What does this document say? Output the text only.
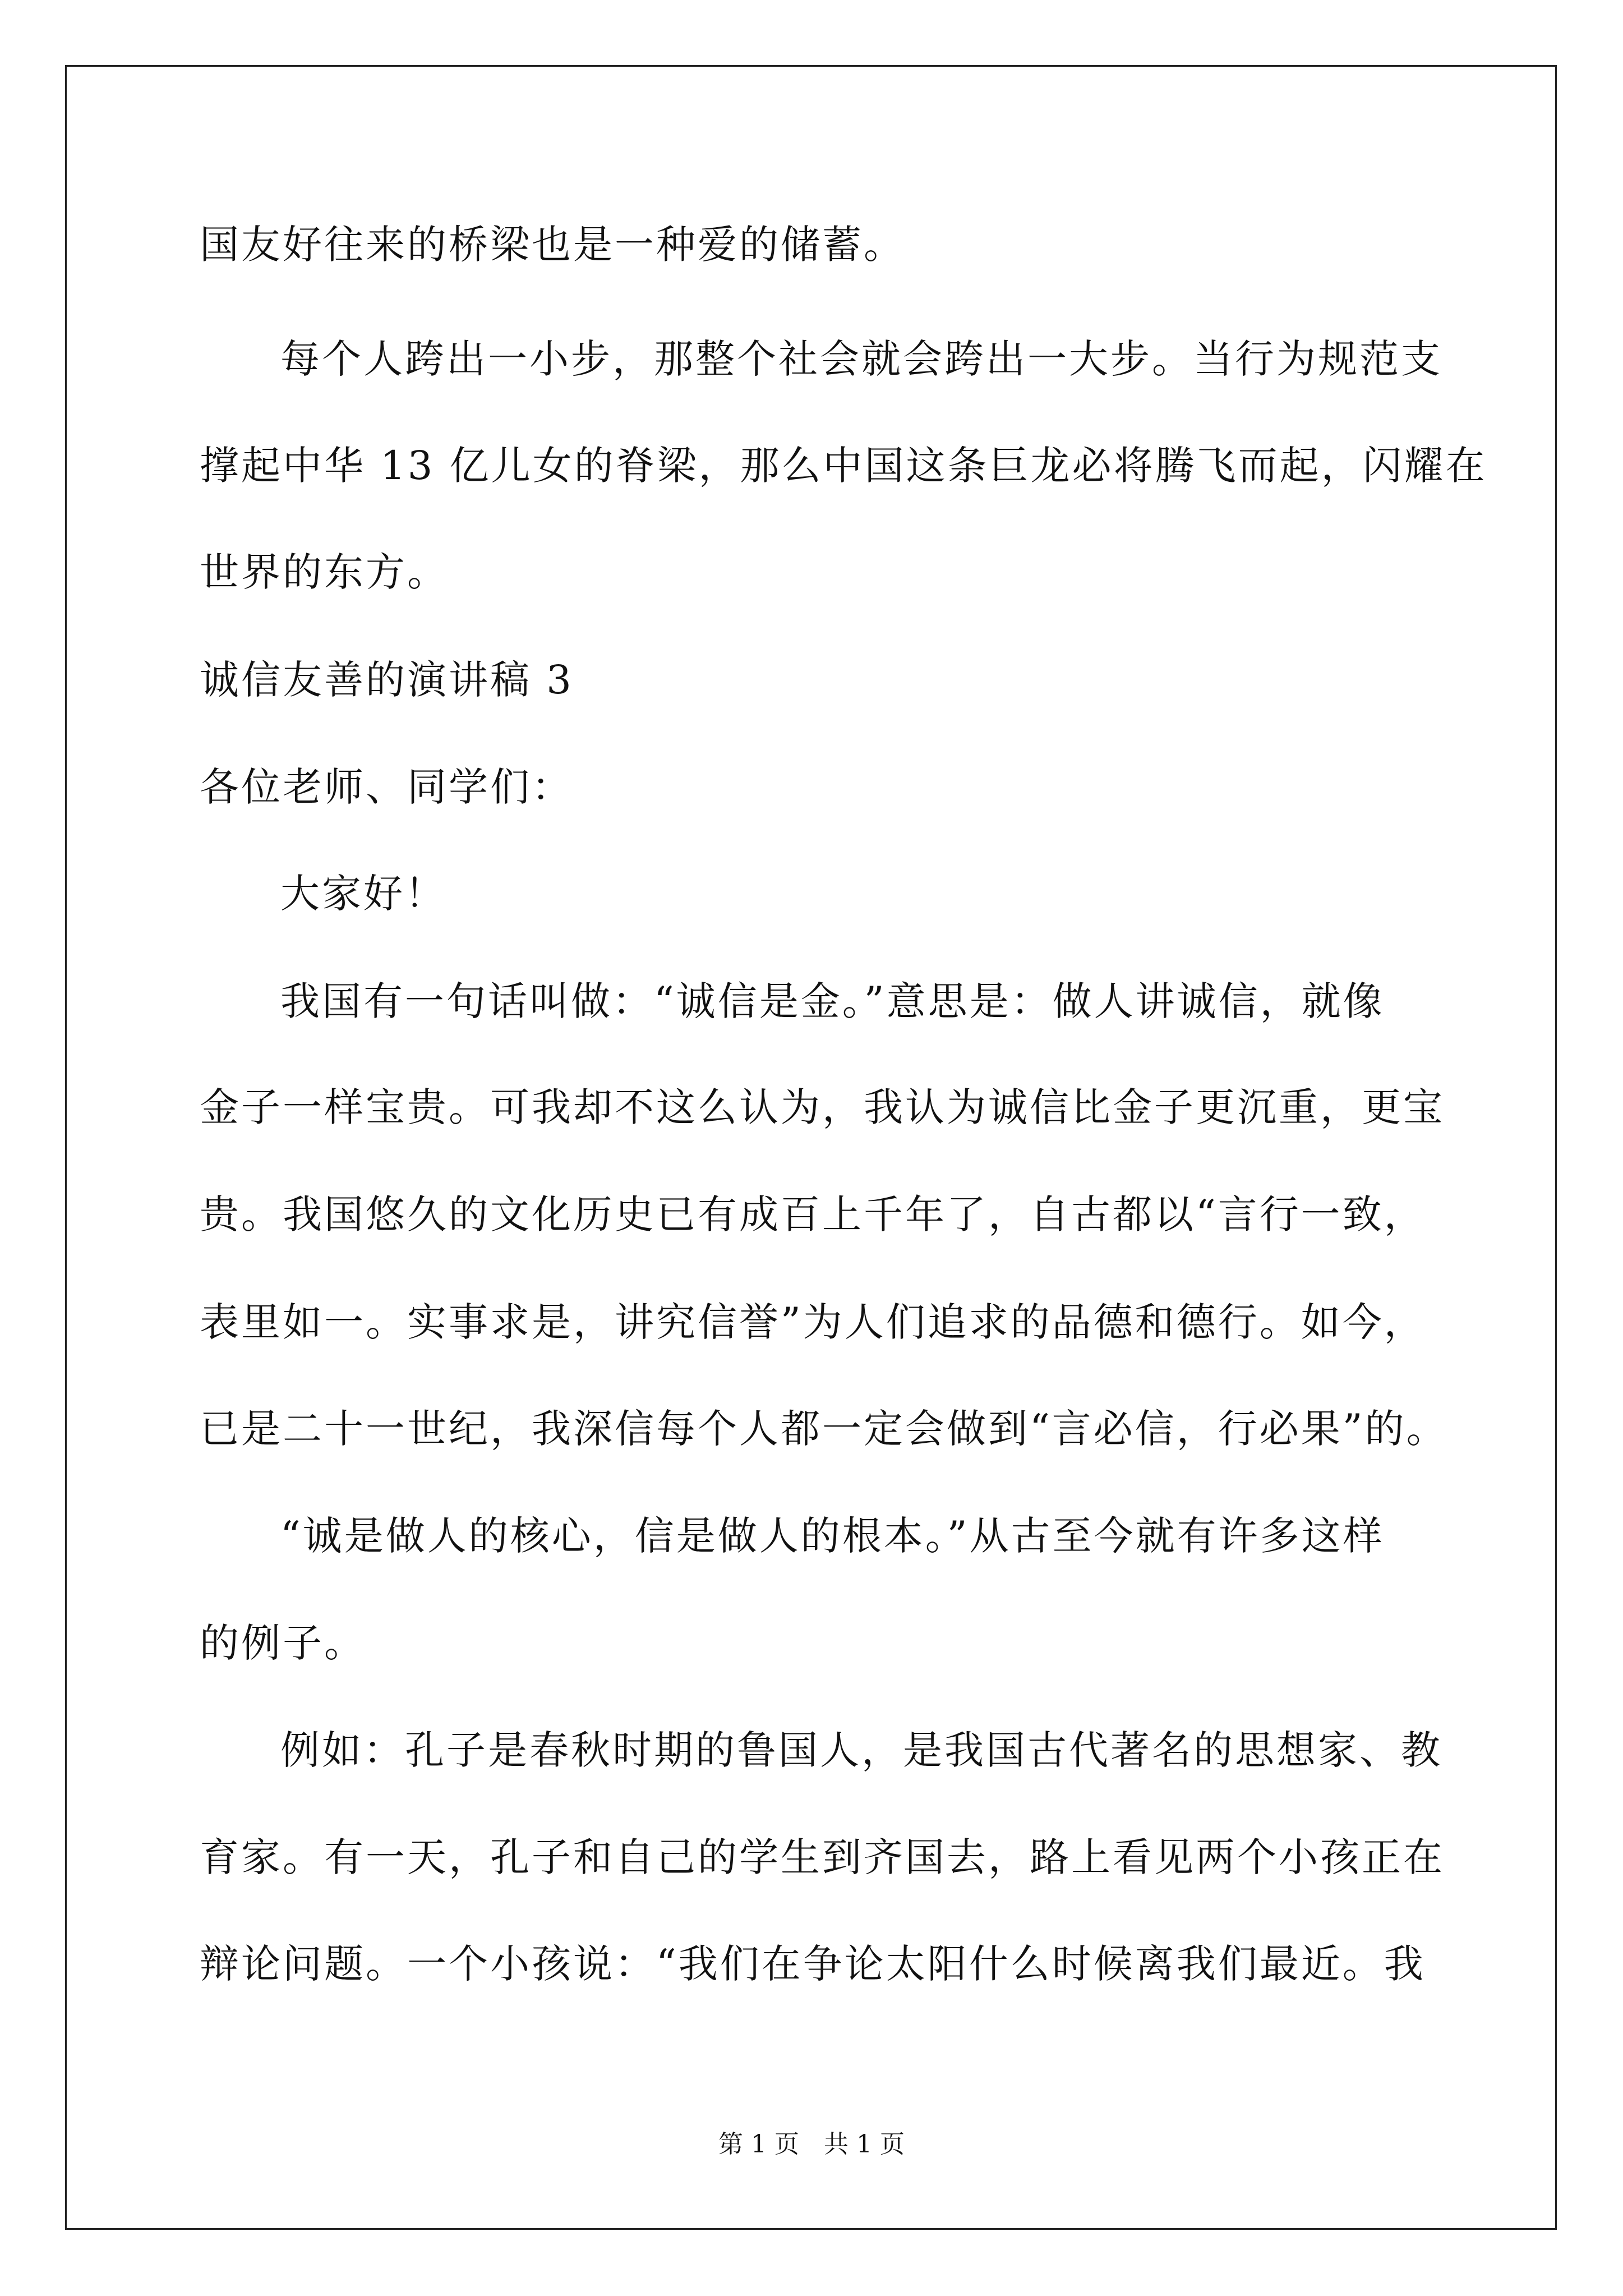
国友好往来的桥梁也是一种爱的储蓄。
每个人跨出一小步，那整个社会就会跨出一大步。当行为规范支
撑起中华 13 亿儿女的脊梁，那么中国这条巨龙必将腾飞而起，闪耀在
世界的东方。
诚信友善的演讲稿 3
各位老师、同学们：
大家好！
我国有一句话叫做：“诚信是金。”意思是：做人讲诚信，就像
金子一样宝贵。可我却不这么认为，我认为诚信比金子更沉重，更宝
贵。我国悠久的文化历史已有成百上千年了，自古都以“言行一致，
表里如一。实事求是，讲究信誉”为人们追求的品德和德行。如今，
已是二十一世纪，我深信每个人都一定会做到“言必信，行必果”的。
“诚是做人的核心，信是做人的根本。”从古至今就有许多这样
的例子。
例如：孔子是春秋时期的鲁国人，是我国古代著名的思想家、教
育家。有一天，孔子和自己的学生到齐国去，路上看见两个小孩正在
辩论问题。一个小孩说：“我们在争论太阳什么时候离我们最近。我
第 1 页　共 1 页
